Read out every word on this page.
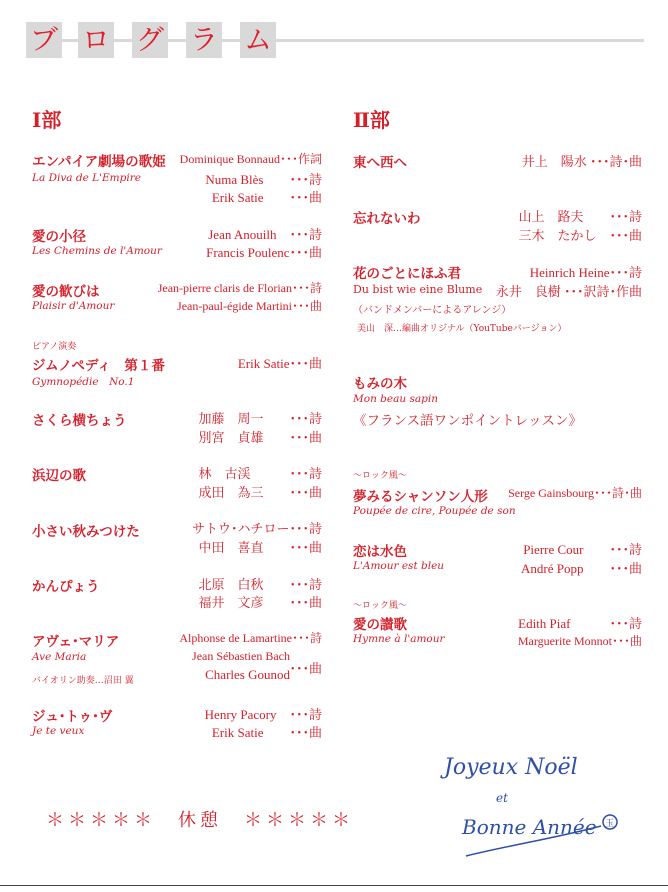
ブ ロ グ ラ ム
Ⅰ部
エンパイア劇場の歌姫
La Diva de L'Empire
Dominique Bonnaud･･･作詞
Numa Blès　　･･･詩
Erik Satie　　･･･曲
愛の小径
Les Chemins de l'Amour
Jean Anouilh　･･･詩
Francis Poulenc･･･曲
愛の歓びは
Plaisir d'Amour
Jean-pierre claris de Florian･･･詩
Jean-paul-égide Martini･･･曲
ピアノ演奏
ジムノペディ　第１番
Gymnopédie　No.1
Erik Satie･･･曲
さくら横ちょう	加藤　周一　　･･･詩
別宮　貞雄　　･･･曲
浜辺の歌	林　古渓　　　･･･詩
成田　為三　　･･･曲
小さい秋みつけた	サトウ･ハチロー･･･詩
中田　喜直　　･･･曲
かんぴょう	北原　白秋　　･･･詩
福井　文彦　　･･･曲
アヴェ･マリア
Ave Maria
バイオリン助奏…沼田 翼
Alphonse de Lamartine･･･詩
Jean Sébastien Bach
Charles Gounod ･･･曲
ジュ･トゥ･ヴ
Je te veux
Henry Pacory　･･･詩
Erik Satie　　･･･曲
Ⅱ部
東へ西へ	井上　陽水 ･･･詩･曲
忘れないわ	山上　路夫　　･･･詩
三木　たかし　･･･曲
花のごとにほふ君
Du bist wie eine Blume
（バンドメンバーによるアレンジ）
美山　深…編曲オリジナル（YouTubeバージョン）
Heinrich Heine･･･詩
永井　良樹 ･･･訳詩･作曲
もみの木
Mon beau sapin
《フランス語ワンポイントレッスン》
～ロック風～
夢みるシャンソン人形
Poupée de cire, Poupée de son
Serge Gainsbourg･･･詩･曲
恋は水色
L'Amour est bleu
Pierre Cour　　･･･詩
André Popp　　･･･曲
～ロック風～
愛の讃歌
Hymne à l'amour
Edith Piaf　　　･･･詩
Marguerite Monnot･･･曲
＊＊＊＊＊　休憩　＊＊＊＊＊
Joyeux Noël
et
Bonne Année 玉
